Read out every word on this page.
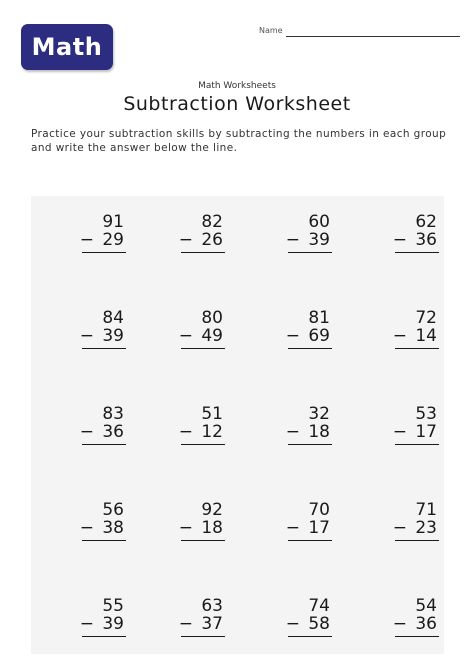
Math
Name
Math Worksheets
Subtraction Worksheet
Practice your subtraction skills by subtracting the numbers in each group and write the answer below the line.
91
− 29
82
− 26
60
− 39
62
− 36
84
− 39
80
− 49
81
− 69
72
− 14
83
− 36
51
− 12
32
− 18
53
− 17
56
− 38
92
− 18
70
− 17
71
− 23
55
− 39
63
− 37
74
− 58
54
− 36
